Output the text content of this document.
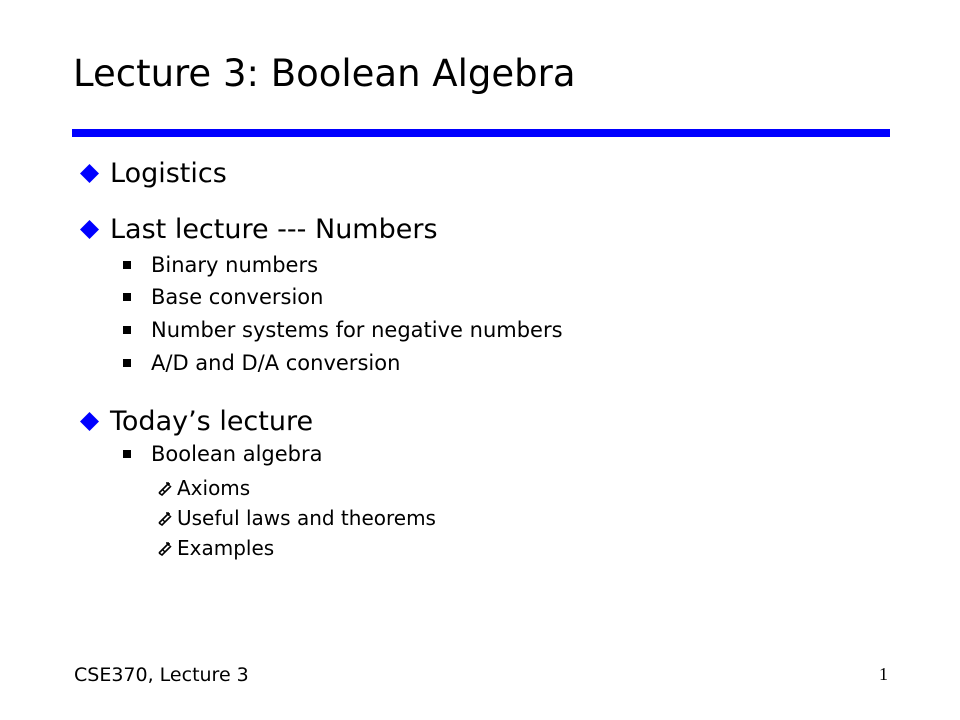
Lecture 3: Boolean Algebra
Logistics
Last lecture --- Numbers
Binary numbers
Base conversion
Number systems for negative numbers
A/D and D/A conversion
Today’s lecture
Boolean algebra
Axioms
Useful laws and theorems
Examples
CSE370, Lecture 3	1
